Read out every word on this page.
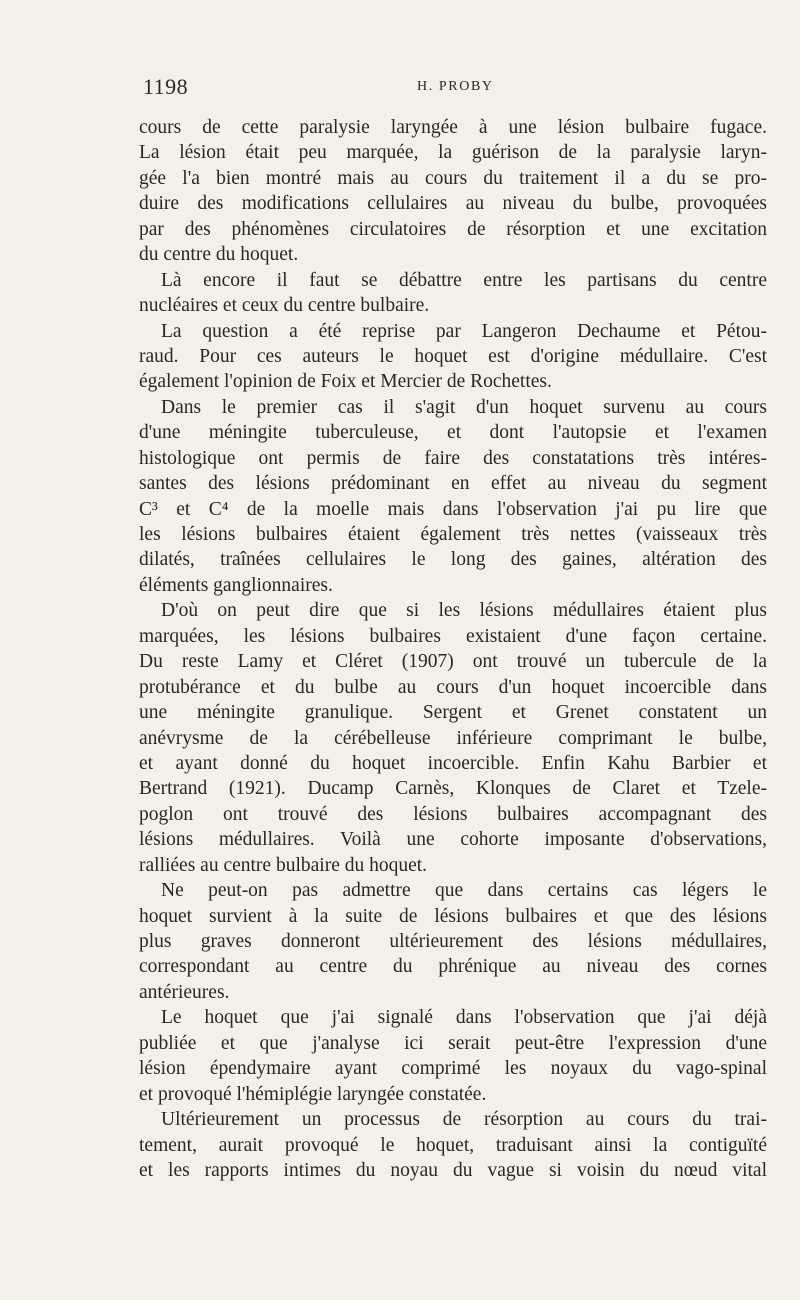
1198	H. PROBY
cours de cette paralysie laryngée à une lésion bulbaire fugace.
La lésion était peu marquée, la guérison de la paralysie laryn-
gée l'a bien montré mais au cours du traitement il a du se pro-
duire des modifications cellulaires au niveau du bulbe, provoquées
par des phénomènes circulatoires de résorption et une excitation
du centre du hoquet.
Là encore il faut se débattre entre les partisans du centre
nucléaires et ceux du centre bulbaire.
La question a été reprise par Langeron Dechaume et Pétou-
raud. Pour ces auteurs le hoquet est d'origine médullaire. C'est
également l'opinion de Foix et Mercier de Rochettes.
Dans le premier cas il s'agit d'un hoquet survenu au cours
d'une méningite tuberculeuse, et dont l'autopsie et l'examen
histologique ont permis de faire des constatations très intéres-
santes des lésions prédominant en effet au niveau du segment
C³ et C⁴ de la moelle mais dans l'observation j'ai pu lire que
les lésions bulbaires étaient également très nettes (vaisseaux très
dilatés, traînées cellulaires le long des gaines, altération des
éléments ganglionnaires.
D'où on peut dire que si les lésions médullaires étaient plus
marquées, les lésions bulbaires existaient d'une façon certaine.
Du reste Lamy et Cléret (1907) ont trouvé un tubercule de la
protubérance et du bulbe au cours d'un hoquet incoercible dans
une méningite granulique. Sergent et Grenet constatent un
anévrysme de la cérébelleuse inférieure comprimant le bulbe,
et ayant donné du hoquet incoercible. Enfin Kahu Barbier et
Bertrand (1921). Ducamp Carnès, Klonques de Claret et Tzele-
poglon ont trouvé des lésions bulbaires accompagnant des
lésions médullaires. Voilà une cohorte imposante d'observations,
ralliées au centre bulbaire du hoquet.
Ne peut-on pas admettre que dans certains cas légers le
hoquet survient à la suite de lésions bulbaires et que des lésions
plus graves donneront ultérieurement des lésions médullaires,
correspondant au centre du phrénique au niveau des cornes
antérieures.
Le hoquet que j'ai signalé dans l'observation que j'ai déjà
publiée et que j'analyse ici serait peut-être l'expression d'une
lésion épendymaire ayant comprimé les noyaux du vago-spinal
et provoqué l'hémiplégie laryngée constatée.
Ultérieurement un processus de résorption au cours du trai-
tement, aurait provoqué le hoquet, traduisant ainsi la contiguïté
et les rapports intimes du noyau du vague si voisin du nœud vital
